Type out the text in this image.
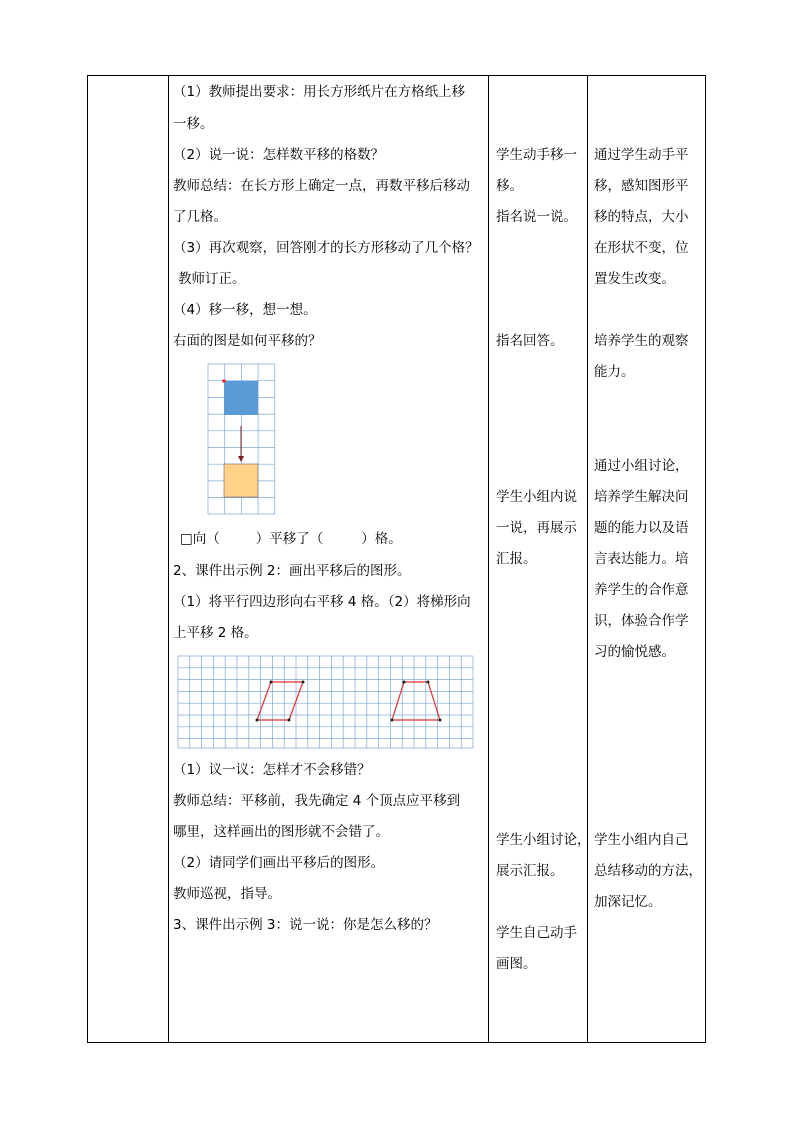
（1）教师提出要求：用长方形纸片在方格纸上移
一移。
（2）说一说：怎样数平移的格数？
教师总结：在长方形上确定一点，再数平移后移动
了几格。
（3）再次观察，回答刚才的长方形移动了几个格？
教师订正。
（4）移一移，想一想。
右面的图是如何平移的？
□向（	）平移了（	）格。
2、课件出示例 2：画出平移后的图形。
（1）将平行四边形向右平移 4 格。（2）将梯形向
上平移 2 格。
（1）议一议：怎样才不会移错？
教师总结：平移前，我先确定 4 个顶点应平移到
哪里，这样画出的图形就不会错了。
（2）请同学们画出平移后的图形。
教师巡视，指导。
3、课件出示例 3：说一说：你是怎么移的？
学生动手移一
移。
指名说一说。
指名回答。
学生小组内说
一说，再展示
汇报。
学生小组讨论，
展示汇报。
学生自己动手
画图。
通过学生动手平
移，感知图形平
移的特点，大小
在形状不变，位
置发生改变。
培养学生的观察
能力。
通过小组讨论，
培养学生解决问
题的能力以及语
言表达能力。培
养学生的合作意
识，体验合作学
习的愉悦感。
学生小组内自己
总结移动的方法，
加深记忆。
